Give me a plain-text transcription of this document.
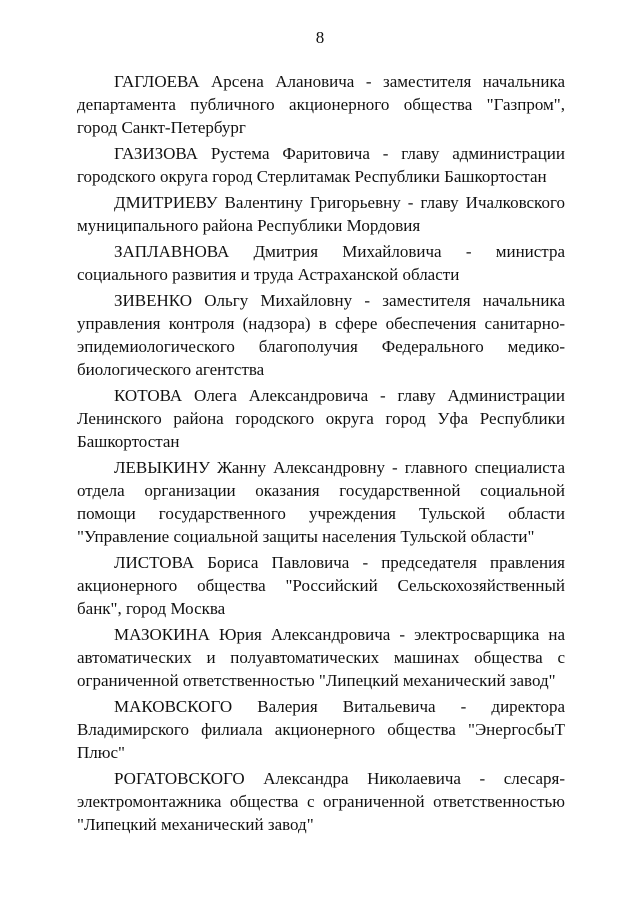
8

ГАГЛОЕВА Арсена Алановича - заместителя начальника департамента публичного акционерного общества "Газпром", город Санкт-Петербург

ГАЗИЗОВА Рустема Фаритовича - главу администрации городского округа город Стерлитамак Республики Башкортостан

ДМИТРИЕВУ Валентину Григорьевну - главу Ичалковского муниципального района Республики Мордовия

ЗАПЛАВНОВА Дмитрия Михайловича - министра социального развития и труда Астраханской области

ЗИВЕНКО Ольгу Михайловну - заместителя начальника управления контроля (надзора) в сфере обеспечения санитарно-эпидемиологического благополучия Федерального медико-биологического агентства

КОТОВА Олега Александровича - главу Администрации Ленинского района городского округа город Уфа Республики Башкортостан

ЛЕВЫКИНУ Жанну Александровну - главного специалиста отдела организации оказания государственной социальной помощи государственного учреждения Тульской области "Управление социальной защиты населения Тульской области"

ЛИСТОВА Бориса Павловича - председателя правления акционерного общества "Российский Сельскохозяйственный банк", город Москва

МАЗОКИНА Юрия Александровича - электросварщика на автоматических и полуавтоматических машинах общества с ограниченной ответственностью "Липецкий механический завод"

МАКОВСКОГО Валерия Витальевича - директора Владимирского филиала акционерного общества "ЭнергосбыТ Плюс"

РОГАТОВСКОГО Александра Николаевича - слесаря-электромонтажника общества с ограниченной ответственностью "Липецкий механический завод"
